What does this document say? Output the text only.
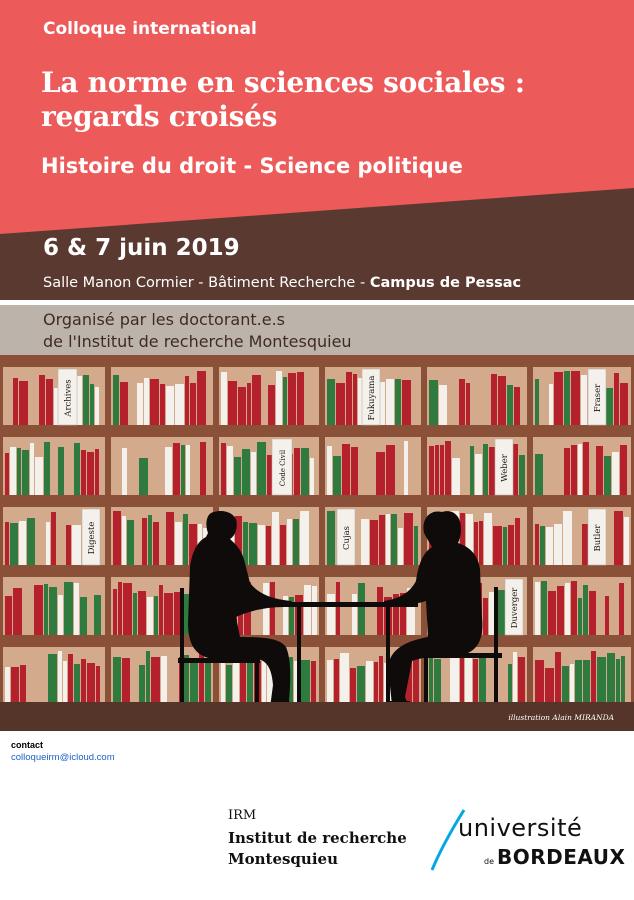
Colloque international
La norme en sciences sociales :
regards croisés
Histoire du droit - Science politique
6 & 7 juin 2019
Salle Manon Cormier - Bâtiment Recherche - Campus de Pessac
Organisé par les doctorant.e.s
de l'Institut de recherche Montesquieu
Archives	Fukuyama	Fraser
Code Civil	Weber
Digeste	Cujas	Butler
Duverger
illustration Alain MIRANDA
contact
colloqueirm@icloud.com
IRM
Institut de recherche
Montesquieu
université
de BORDEAUX
